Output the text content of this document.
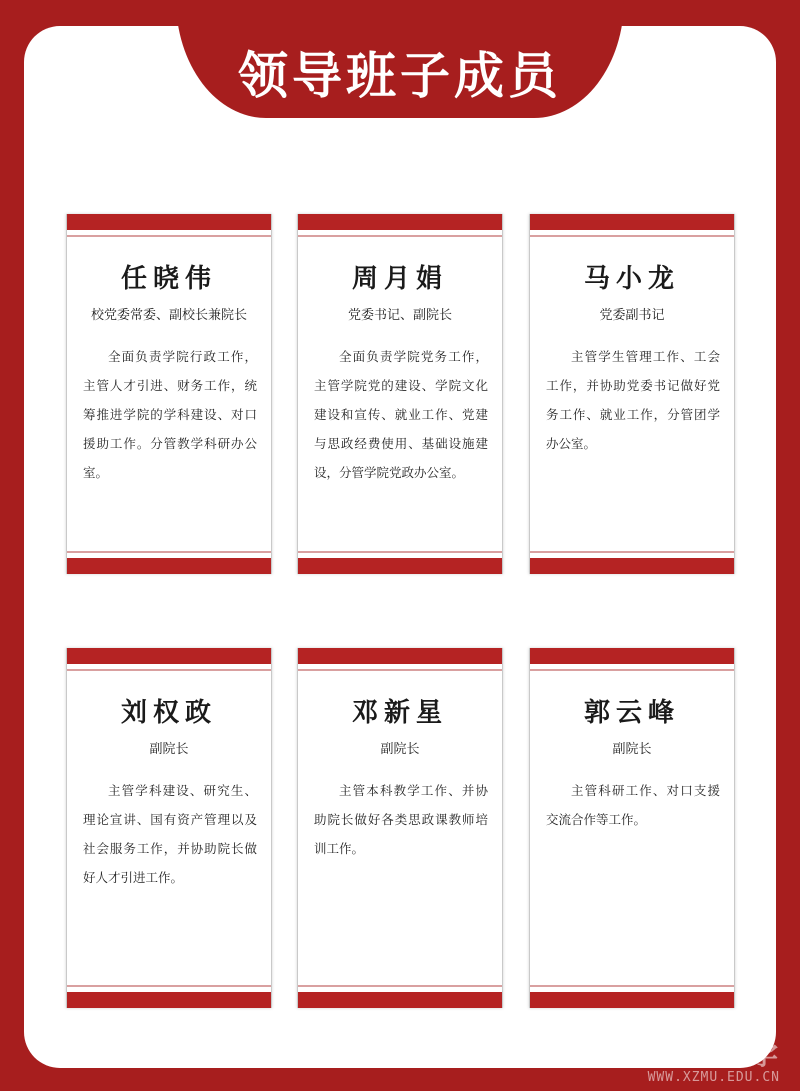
领导班子成员
任晓伟
校党委常委、副校长兼院长

全面负责学院行政工作，主管人才引进、财务工作，统筹推进学院的学科建设、对口援助工作。分管教学科研办公室。

周月娟
党委书记、副院长

全面负责学院党务工作，主管学院党的建设、学院文化建设和宣传、就业工作、党建与思政经费使用、基础设施建设，分管学院党政办公室。

马小龙
党委副书记

主管学生管理工作、工会工作，并协助党委书记做好党务工作、就业工作，分管团学办公室。

刘权政
副院长

主管学科建设、研究生、理论宣讲、国有资产管理以及社会服务工作，并协助院长做好人才引进工作。

邓新星
副院长

主管本科教学工作、并协助院长做好各类思政课教师培训工作。

郭云峰
副院长

主管科研工作、对口支援交流合作等工作。

西藏民族大学
WWW.XZMU.EDU.CN
